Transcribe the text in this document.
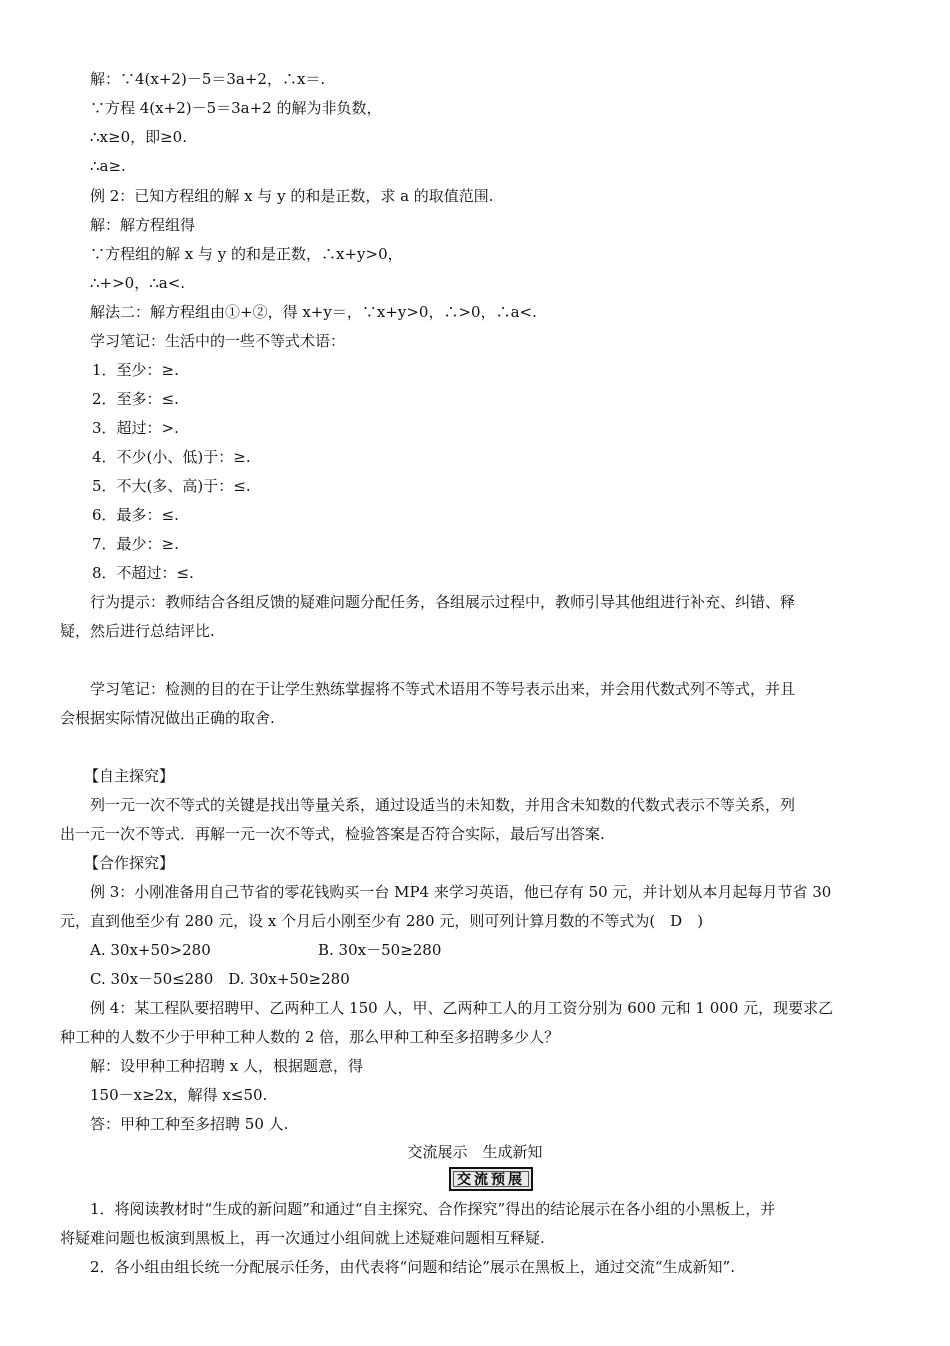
解：∵4(x+2)－5＝3a+2，∴x＝.
∵方程 4(x+2)－5＝3a+2 的解为非负数，
∴x≥0，即≥0.
∴a≥.
例 2：已知方程组的解 x 与 y 的和是正数，求 a 的取值范围.
解：解方程组得
∵方程组的解 x 与 y 的和是正数，∴x+y>0，
∴+>0，∴a<.
解法二：解方程组由①+②，得 x+y＝，∵x+y>0，∴>0，∴a<.
学习笔记：生活中的一些不等式术语：
1．至少：≥.
2．至多：≤.
3．超过：>.
4．不少(小、低)于：≥.
5．不大(多、高)于：≤.
6．最多：≤.
7．最少：≥.
8．不超过：≤.
行为提示：教师结合各组反馈的疑难问题分配任务，各组展示过程中，教师引导其他组进行补充、纠错、释
疑，然后进行总结评比.
学习笔记：检测的目的在于让学生熟练掌握将不等式术语用不等号表示出来，并会用代数式列不等式，并且
会根据实际情况做出正确的取舍.
【自主探究】
列一元一次不等式的关键是找出等量关系，通过设适当的未知数，并用含未知数的代数式表示不等关系，列
出一元一次不等式．再解一元一次不等式，检验答案是否符合实际，最后写出答案.
【合作探究】
例 3：小刚准备用自己节省的零花钱购买一台 MP4 来学习英语，他已存有 50 元，并计划从本月起每月节省 30
元，直到他至少有 280 元，设 x 个月后小刚至少有 280 元，则可列计算月数的不等式为(　D　)
A. 30x+50>280	B. 30x－50≥280
C. 30x－50≤280　D. 30x+50≥280
例 4：某工程队要招聘甲、乙两种工人 150 人，甲、乙两种工人的月工资分别为 600 元和 1 000 元，现要求乙
种工种的人数不少于甲种工种人数的 2 倍，那么甲种工种至多招聘多少人？
解：设甲种工种招聘 x 人，根据题意，得
150－x≥2x，解得 x≤50.
答：甲种工种至多招聘 50 人.
交流展示　生成新知
交流预展
1．将阅读教材时“生成的新问题”和通过“自主探究、合作探究”得出的结论展示在各小组的小黑板上，并
将疑难问题也板演到黑板上，再一次通过小组间就上述疑难问题相互释疑.
2．各小组由组长统一分配展示任务，由代表将“问题和结论”展示在黑板上，通过交流“生成新知”.
